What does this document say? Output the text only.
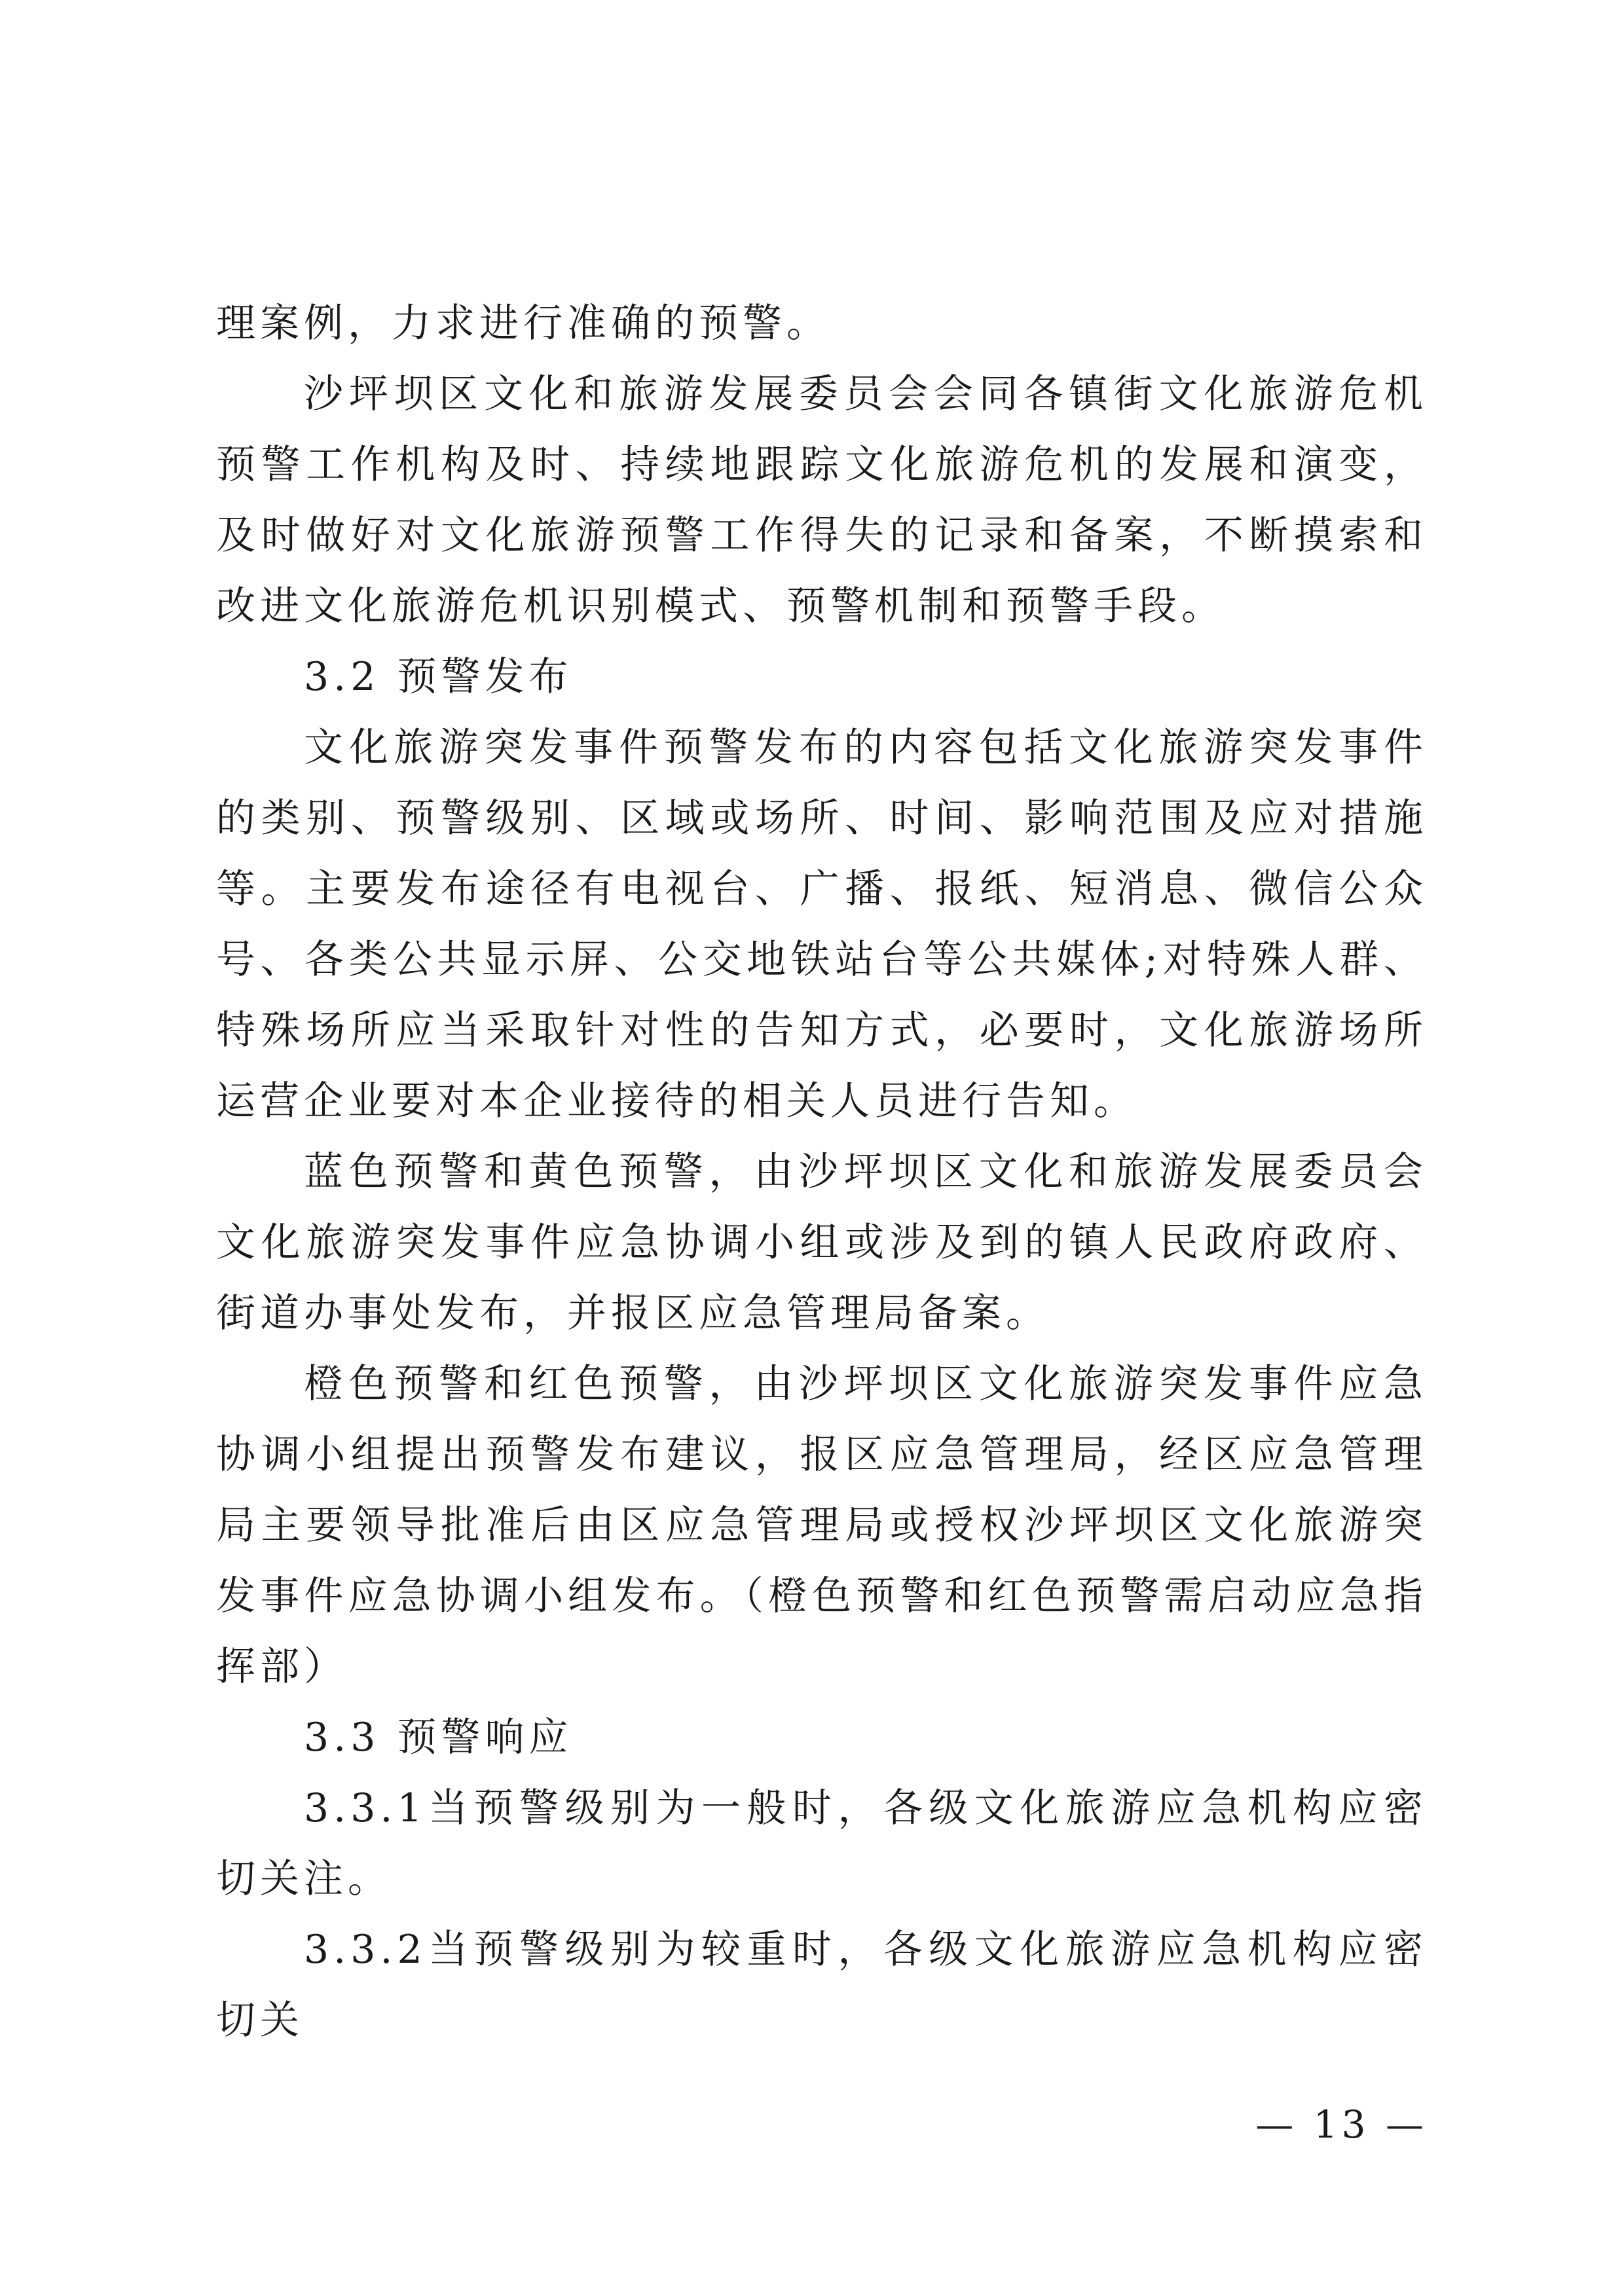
理案例，力求进行准确的预警。

沙坪坝区文化和旅游发展委员会会同各镇街文化旅游危机预警工作机构及时、持续地跟踪文化旅游危机的发展和演变，及时做好对文化旅游预警工作得失的记录和备案，不断摸索和改进文化旅游危机识别模式、预警机制和预警手段。

3.2 预警发布

文化旅游突发事件预警发布的内容包括文化旅游突发事件的类别、预警级别、区域或场所、时间、影响范围及应对措施等。主要发布途径有电视台、广播、报纸、短消息、微信公众号、各类公共显示屏、公交地铁站台等公共媒体;对特殊人群、特殊场所应当采取针对性的告知方式，必要时，文化旅游场所运营企业要对本企业接待的相关人员进行告知。

蓝色预警和黄色预警，由沙坪坝区文化和旅游发展委员会文化旅游突发事件应急协调小组或涉及到的镇人民政府政府、街道办事处发布，并报区应急管理局备案。

橙色预警和红色预警，由沙坪坝区文化旅游突发事件应急协调小组提出预警发布建议，报区应急管理局，经区应急管理局主要领导批准后由区应急管理局或授权沙坪坝区文化旅游突发事件应急协调小组发布。（橙色预警和红色预警需启动应急指挥部）

3.3 预警响应

3.3.1当预警级别为一般时，各级文化旅游应急机构应密切关注。

3.3.2当预警级别为较重时，各级文化旅游应急机构应密切关

— 13 —
